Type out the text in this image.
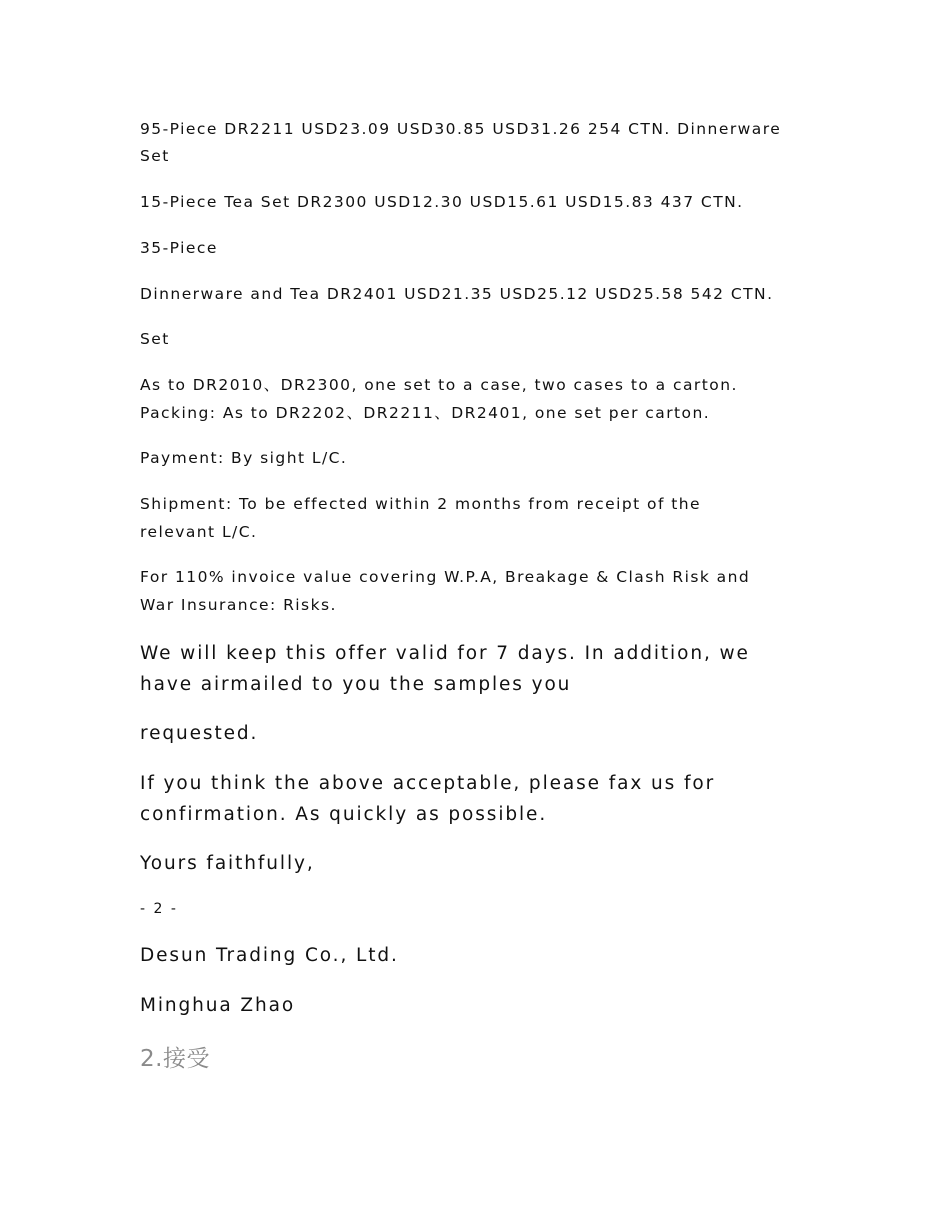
95-Piece DR2211 USD23.09 USD30.85 USD31.26 254 CTN. Dinnerware

Set

15-Piece Tea Set DR2300 USD12.30 USD15.61 USD15.83 437 CTN.

35-Piece

Dinnerware and Tea DR2401 USD21.35 USD25.12 USD25.58 542 CTN.

Set

As to DR2010、DR2300, one set to a case, two cases to a carton.

Packing: As to DR2202、DR2211、DR2401, one set per carton.

Payment: By sight L/C.

Shipment: To be effected within 2 months from receipt of the

relevant L/C.

For 110% invoice value covering W.P.A, Breakage & Clash Risk and

War Insurance: Risks.

We will keep this offer valid for 7 days. In addition, we

have airmailed to you the samples you

requested.

If you think the above acceptable, please fax us for

confirmation. As quickly as possible.

Yours faithfully,

- 2 -

Desun Trading Co., Ltd.

Minghua Zhao

2.接受
